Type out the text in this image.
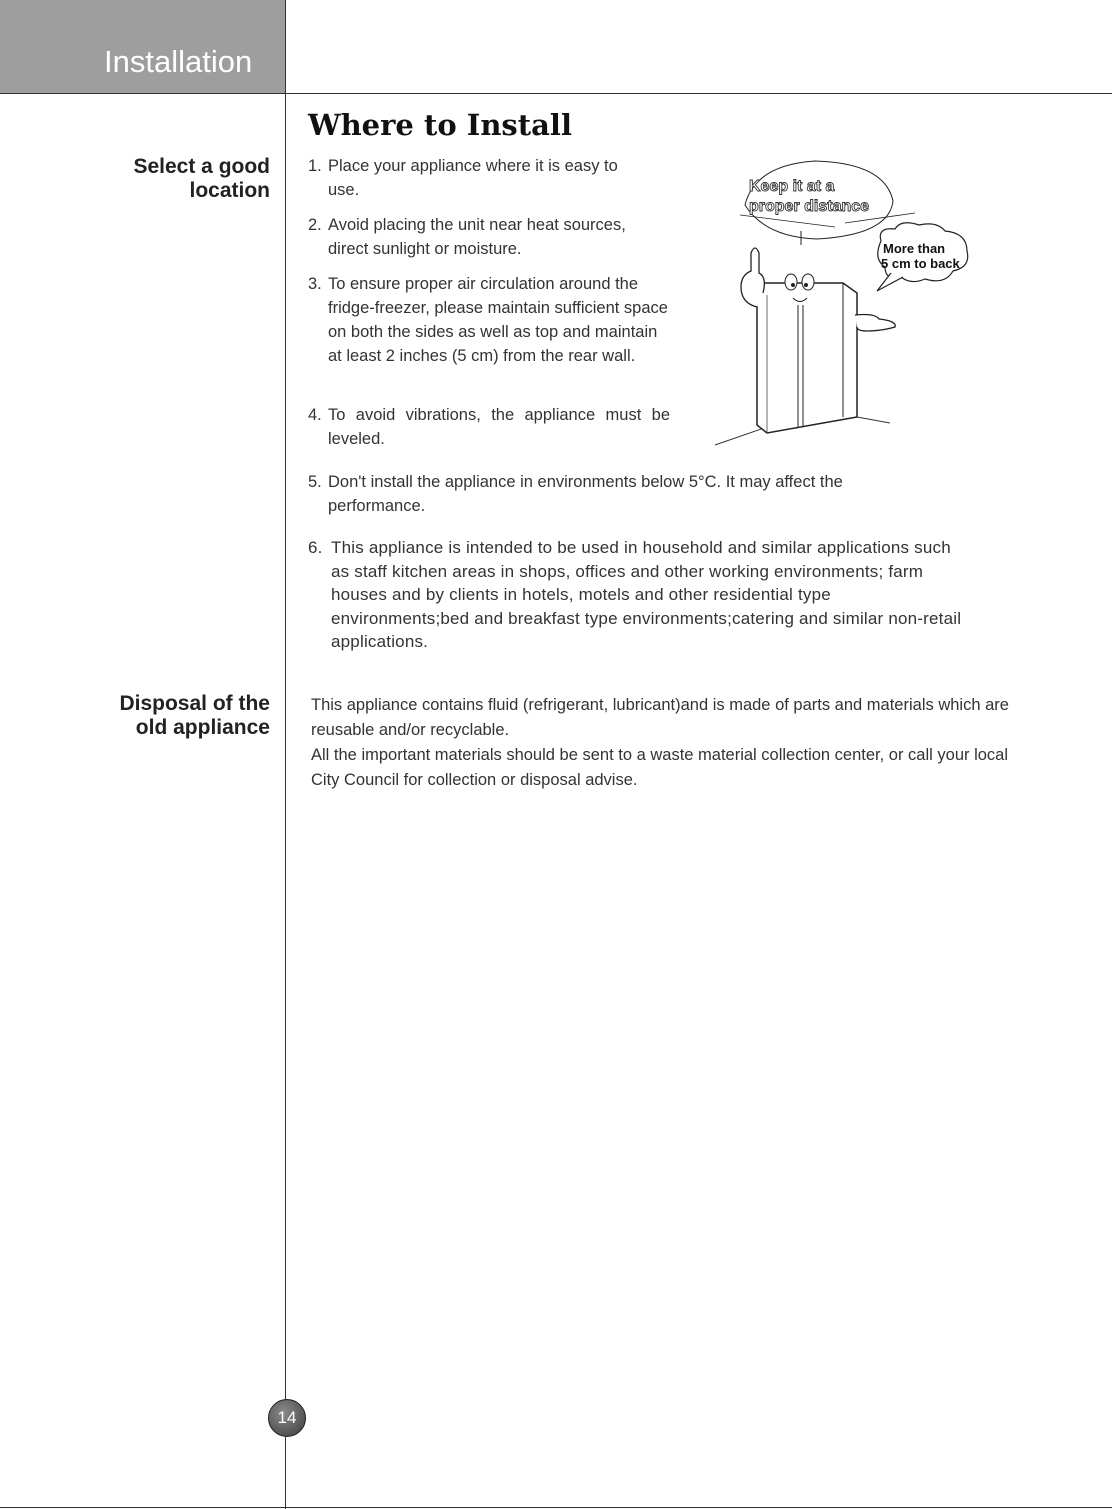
Installation
Select a good
location
Disposal of the
old appliance
Where to Install
1. Place your appliance where it is easy to use.
2. Avoid placing the unit near heat sources, direct sunlight or moisture.
3. To ensure proper air circulation around the fridge-freezer, please maintain sufficient space on both the sides as well as top and maintain at least 2 inches (5 cm) from the rear wall.
4. To avoid vibrations, the appliance must be leveled.
5. Don't install the appliance in environments below 5°C. It may affect the performance.
6. This appliance is intended to be used in household and similar applications such as staff kitchen areas in shops, offices and other working environments; farm houses and by clients in hotels, motels and other residential type environments;bed and breakfast type environments;catering and similar non-retail applications.

This appliance contains fluid (refrigerant, lubricant)and is made of parts and materials which are reusable and/or recyclable.

All the important materials should be sent to a waste material collection center, or call your local City Council for collection or disposal advise.

Keep it at a
proper distance
More than
5 cm to back
14
